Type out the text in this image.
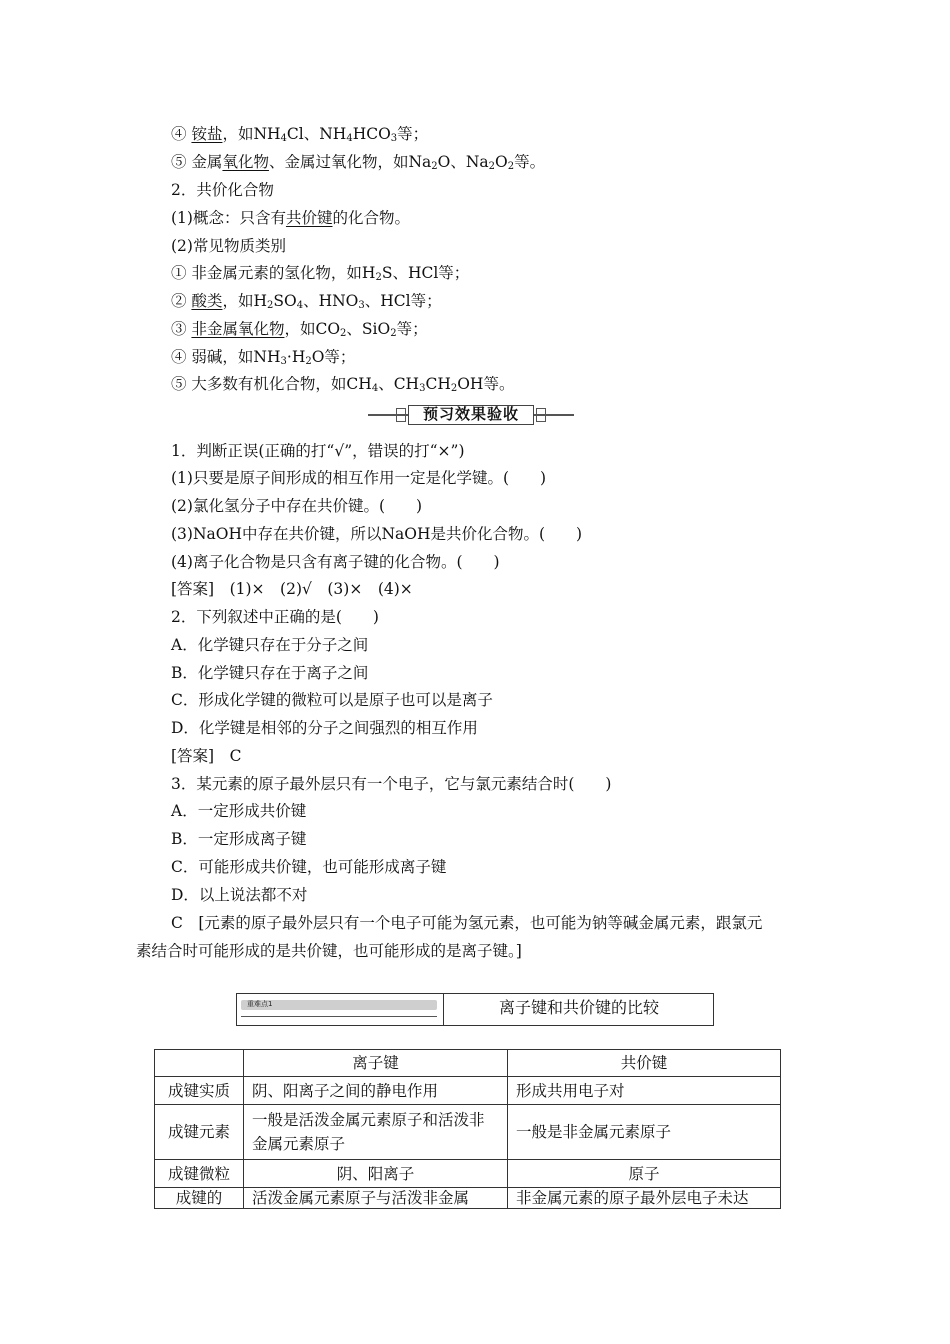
④ 铵盐，如$NH_4Cl$、$NH_4HCO_3$等；
⑤ 金属氧化物、金属过氧化物，如$Na_2O$、$Na_2O_2$等。
2．共价化合物
(1)概念：只含有共价键的化合物。
(2)常见物质类别
① 非金属元素的氢化物，如$H_2S$、HCl等；
② 酸类，如$H_2SO_4$、$HNO_3$、HCl等；
③ 非金属氧化物，如$CO_2$、SiO$_2$等；
④ 弱碱，如$NH_3\cdot H_2O$等；
⑤ 大多数有机化合物，如$CH_4$、$CH_3CH_2OH$等。
预习效果验收
1．判断正误(正确的打“√”，错误的打“×”)
(1)只要是原子间形成的相互作用一定是化学键。(　　)
(2)氯化氢分子中存在共价键。(　　)
(3)NaOH中存在共价键，所以NaOH是共价化合物。(　　)
(4)离子化合物是只含有离子键的化合物。(　　)
[答案]　(1)×　(2)√　(3)×　(4)×
2．下列叙述中正确的是(　　)
A．化学键只存在于分子之间
B．化学键只存在于离子之间
C．形成化学键的微粒可以是原子也可以是离子
D．化学键是相邻的分子之间强烈的相互作用
[答案]　C
3．某元素的原子最外层只有一个电子，它与氯元素结合时(　　)
A．一定形成共价键
B．一定形成离子键
C．可能形成共价键，也可能形成离子键
D．以上说法都不对
C　[元素的原子最外层只有一个电子可能为氢元素，也可能为钠等碱金属元素，跟氯元
素结合时可能形成的是共价键，也可能形成的是离子键。]
重难点1	离子键和共价键的比较
	离子键	共价键
成键实质	阴、阳离子之间的静电作用	形成共用电子对
成键元素	一般是活泼金属元素原子和活泼非金属元素原子	一般是非金属元素原子
成键微粒	阴、阳离子	原子
成键的	活泼金属元素原子与活泼非金属	非金属元素的原子最外层电子未达
